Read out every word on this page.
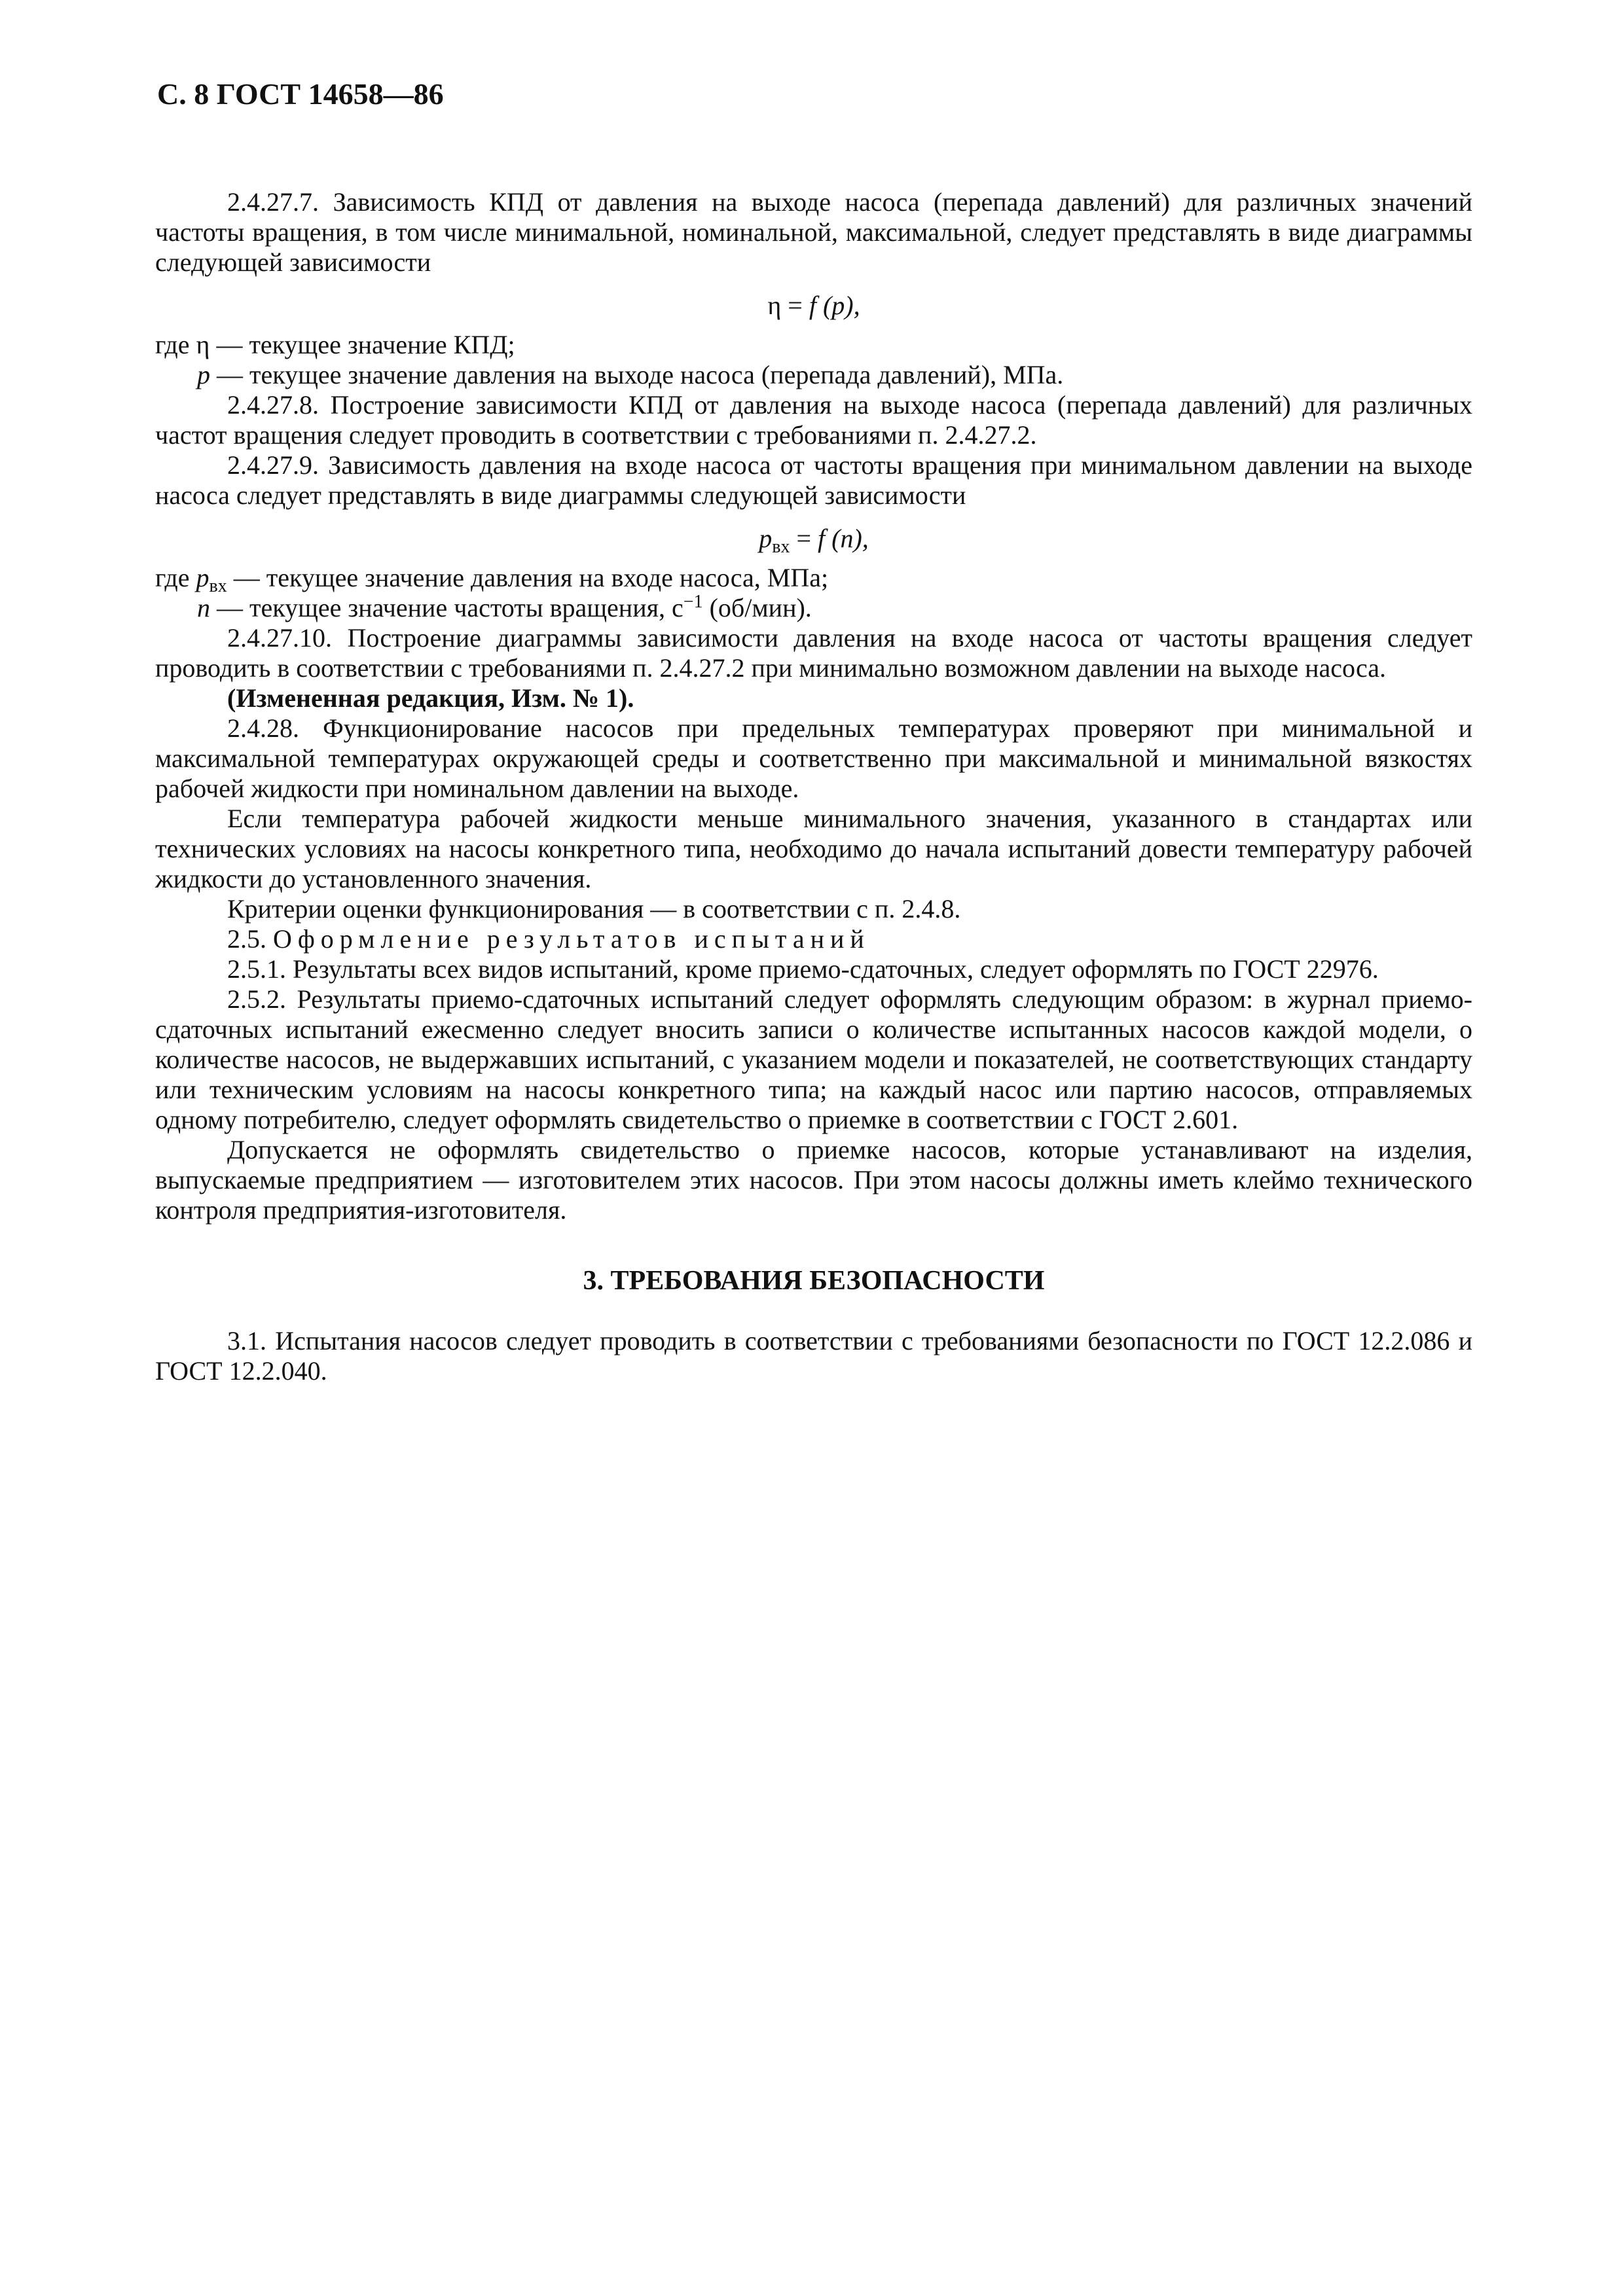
С. 8 ГОСТ 14658—86

2.4.27.7. Зависимость КПД от давления на выходе насоса (перепада давлений) для различных значений частоты вращения, в том числе минимальной, номинальной, максимальной, следует представлять в виде диаграммы следующей зависимости

η = f (p),

где η — текущее значение КПД;

p — текущее значение давления на выходе насоса (перепада давлений), МПа.

2.4.27.8. Построение зависимости КПД от давления на выходе насоса (перепада давлений) для различных частот вращения следует проводить в соответствии с требованиями п. 2.4.27.2.

2.4.27.9. Зависимость давления на входе насоса от частоты вращения при минимальном давлении на выходе насоса следует представлять в виде диаграммы следующей зависимости

$p_{вх} = f$ (n),

где $p_{вх}$ — текущее значение давления на входе насоса, МПа;

n — текущее значение частоты вращения, $с^{-1}$ (об/мин).

2.4.27.10. Построение диаграммы зависимости давления на входе насоса от частоты вращения следует проводить в соответствии с требованиями п. 2.4.27.2 при минимально возможном давлении на выходе насоса.

(Измененная редакция, Изм. № 1).

2.4.28. Функционирование насосов при предельных температурах проверяют при минимальной и максимальной температурах окружающей среды и соответственно при максимальной и минимальной вязкостях рабочей жидкости при номинальном давлении на выходе.

Если температура рабочей жидкости меньше минимального значения, указанного в стандартах или технических условиях на насосы конкретного типа, необходимо до начала испытаний довести температуру рабочей жидкости до установленного значения.

Критерии оценки функционирования — в соответствии с п. 2.4.8.

2.5. Оформление результатов испытаний

2.5.1. Результаты всех видов испытаний, кроме приемо-сдаточных, следует оформлять по ГОСТ 22976.

2.5.2. Результаты приемо-сдаточных испытаний следует оформлять следующим образом: в журнал приемо-сдаточных испытаний ежесменно следует вносить записи о количестве испытанных насосов каждой модели, о количестве насосов, не выдержавших испытаний, с указанием модели и показателей, не соответствующих стандарту или техническим условиям на насосы конкретного типа; на каждый насос или партию насосов, отправляемых одному потребителю, следует оформлять свидетельство о приемке в соответствии с ГОСТ 2.601.

Допускается не оформлять свидетельство о приемке насосов, которые устанавливают на изделия, выпускаемые предприятием — изготовителем этих насосов. При этом насосы должны иметь клеймо технического контроля предприятия-изготовителя.

3. ТРЕБОВАНИЯ БЕЗОПАСНОСТИ

3.1. Испытания насосов следует проводить в соответствии с требованиями безопасности по ГОСТ 12.2.086 и ГОСТ 12.2.040.
